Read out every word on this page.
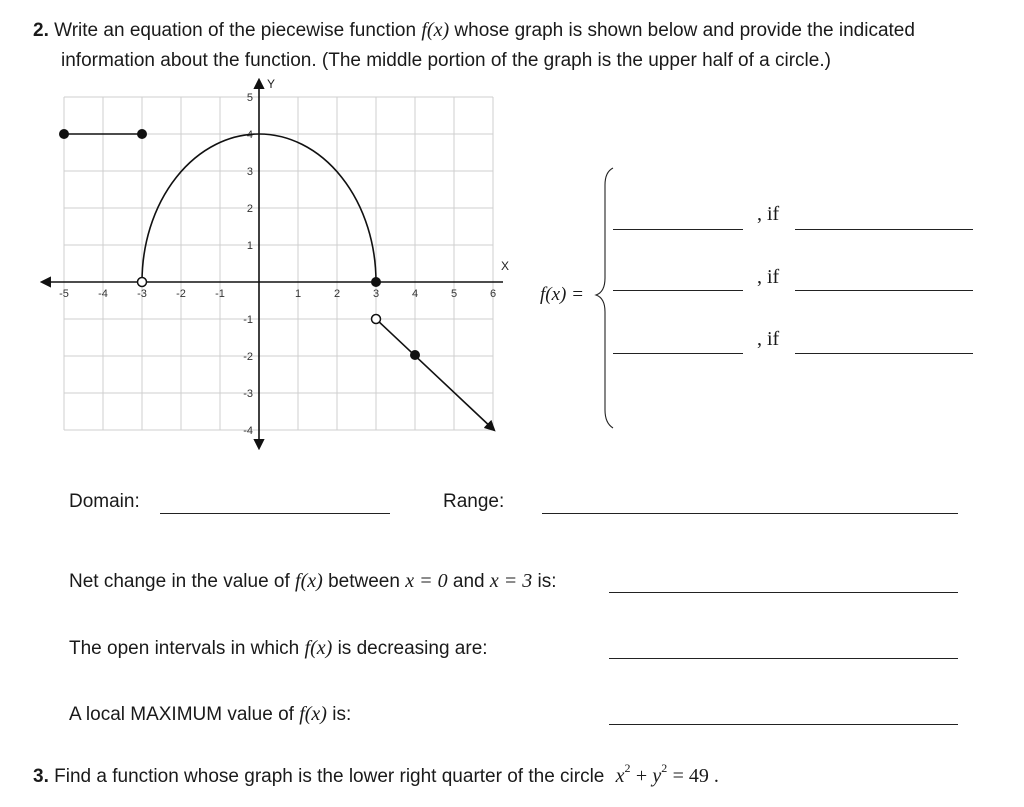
2. Write an equation of the piecewise function f(x) whose graph is shown below and provide the indicated
information about the function. (The middle portion of the graph is the upper half of a circle.)
-5	-4	-3	-2	-1	1	2	3	4	5	6
5
4
3
2
1
-1
-2
-3
-4
Y
X
f(x) =
, if
, if
, if
Domain:	Range:
Net change in the value of f(x) between x = 0 and x = 3 is:
The open intervals in which f(x) is decreasing are:
A local MAXIMUM value of f(x) is:
3. Find a function whose graph is the lower right quarter of the circle $x^2 + y^2 = 49$ .
